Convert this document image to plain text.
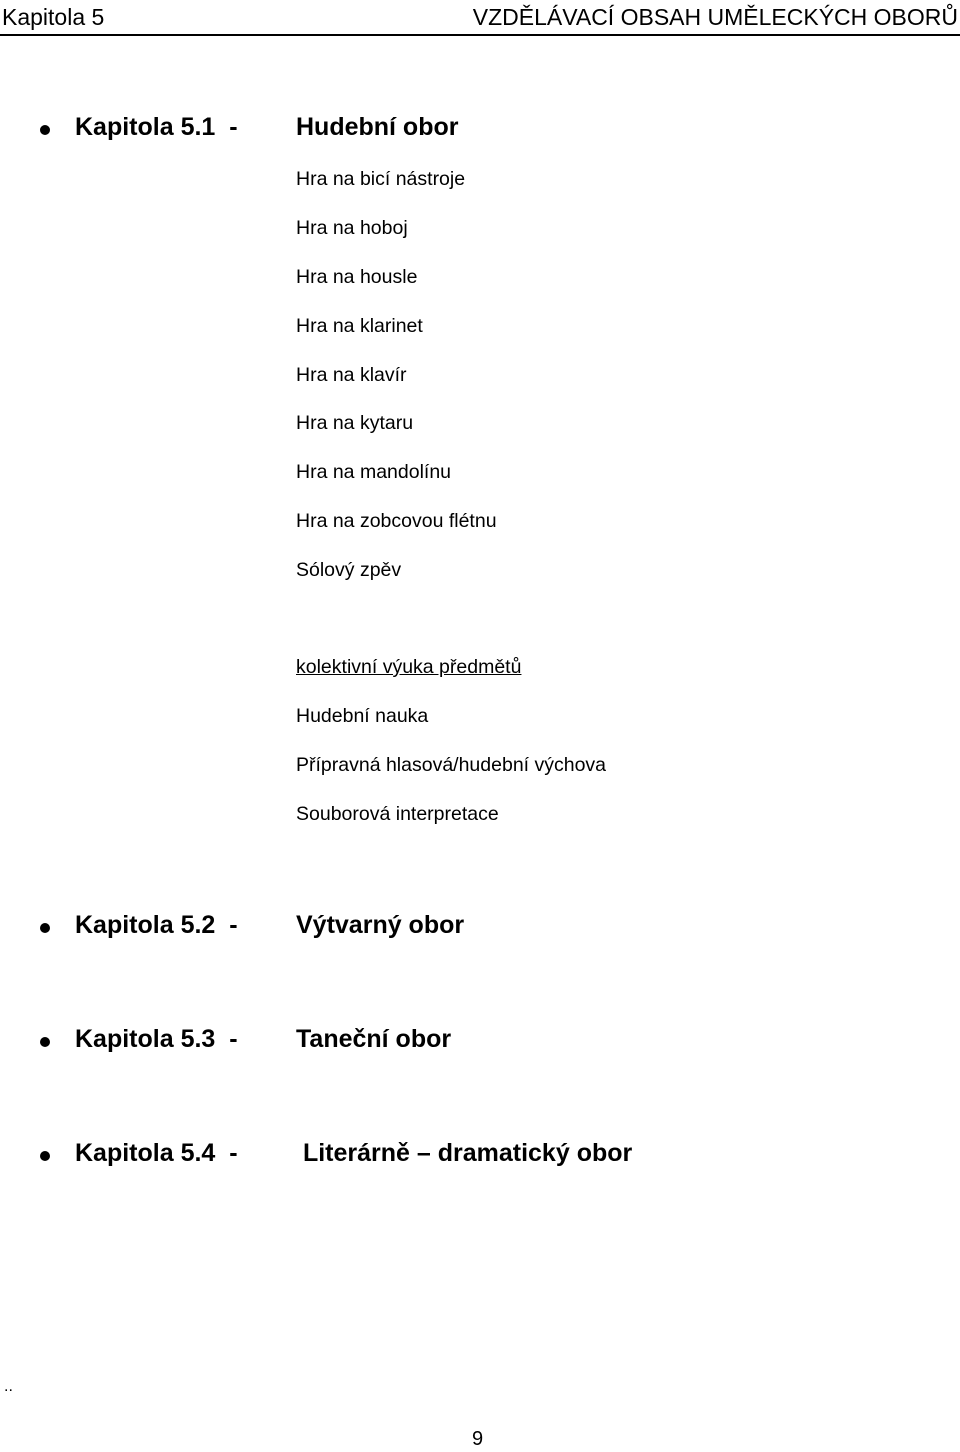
Kapitola 5	VZDĚLÁVACÍ OBSAH UMĚLECKÝCH OBORŮ
Kapitola 5.1  - Hudební obor
Hra na bicí nástroje
Hra na hoboj
Hra na housle
Hra na klarinet
Hra na klavír
Hra na kytaru
Hra na mandolínu
Hra na zobcovou flétnu
Sólový zpěv
kolektivní výuka předmětů
Hudební nauka
Přípravná hlasová/hudební výchova
Souborová interpretace
Kapitola 5.2  - Výtvarný obor
Kapitola 5.3  - Taneční obor
Kapitola 5.4  - Literárně – dramatický obor
..
9
